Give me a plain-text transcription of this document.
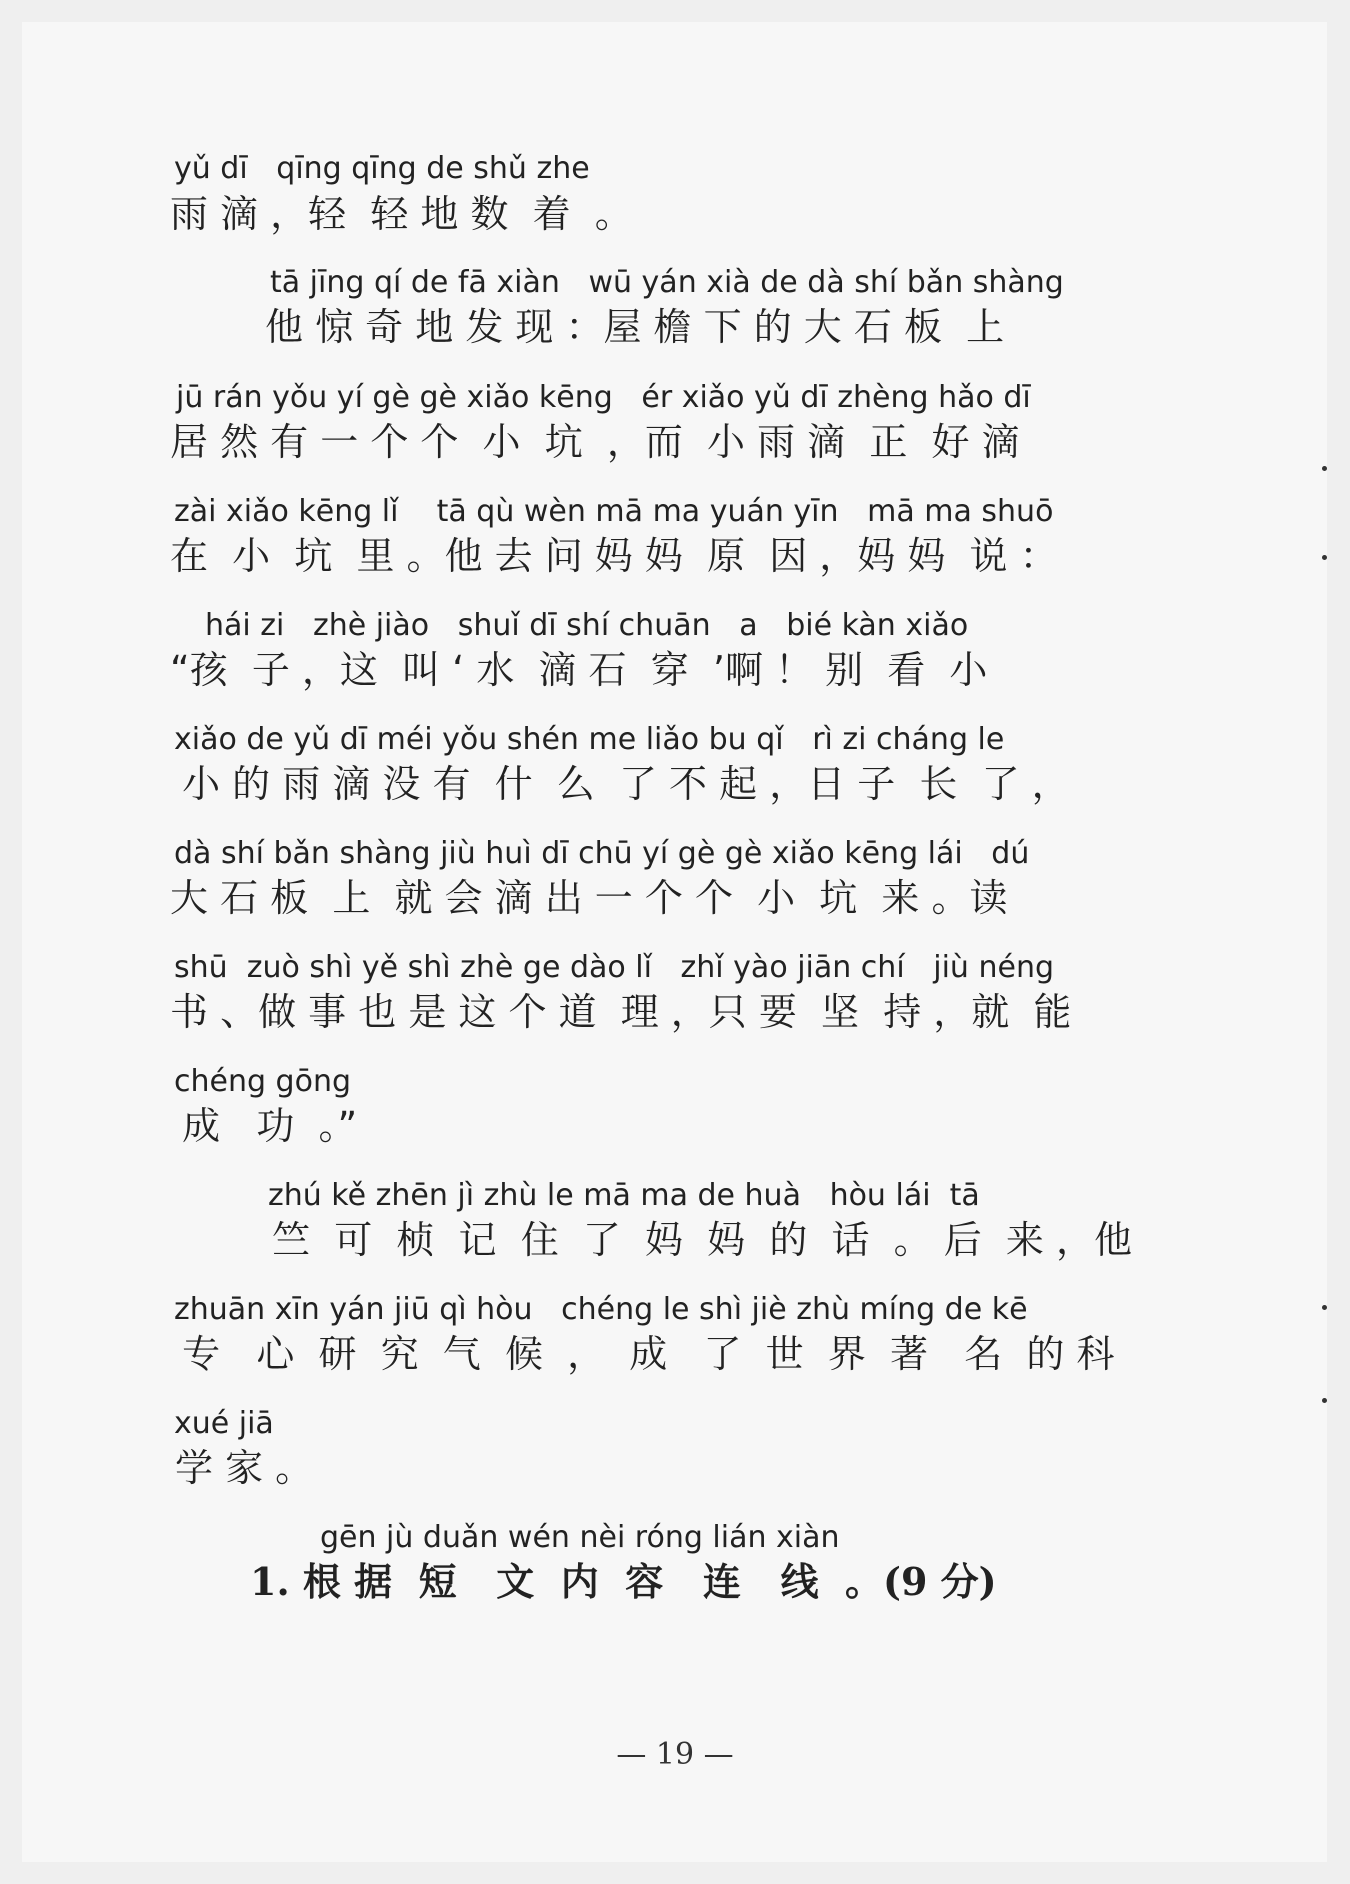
yǔ dī   qīng qīng de shǔ zhe
雨 滴 ，轻  轻 地 数  着  。
tā jīng qí de fā xiàn   wū yán xià de dà shí bǎn shàng
他 惊 奇 地 发 现 ：屋 檐 下 的 大 石 板  上
jū rán yǒu yí gè gè xiǎo kēng   ér xiǎo yǔ dī zhèng hǎo dī
居 然 有 一 个 个  小  坑  ，而  小 雨 滴  正  好 滴
zài xiǎo kēng lǐ    tā qù wèn mā ma yuán yīn   mā ma shuō
在  小  坑  里 。他 去 问 妈 妈  原  因 ，妈 妈  说 ：
hái zi   zhè jiào   shuǐ dī shí chuān   a   bié kàn xiǎo
“孩  子 ，这  叫 ‘ 水  滴 石  穿  ’啊 ！ 别  看  小
xiǎo de yǔ dī méi yǒu shén me liǎo bu qǐ   rì zi cháng le
小 的 雨 滴 没 有  什  么  了 不 起 ，日 子  长  了 ，
dà shí bǎn shàng jiù huì dī chū yí gè gè xiǎo kēng lái   dú
大 石 板  上  就 会 滴 出 一 个 个  小  坑  来 。读
shū  zuò shì yě shì zhè ge dào lǐ   zhǐ yào jiān chí   jiù néng
书 、做 事 也 是 这 个 道  理 ，只 要  坚  持 ，就  能
chéng gōng
成   功  。”
zhú kě zhēn jì zhù le mā ma de huà   hòu lái  tā
竺  可  桢  记  住  了  妈  妈  的  话  。 后  来 ，他
zhuān xīn yán jiū qì hòu   chéng le shì jiè zhù míng de kē
专   心  研  究  气  候  ，  成   了  世  界  著   名  的 科
xué jiā
学 家 。
gēn jù duǎn wén nèi róng lián xiàn
1. 根 据  短   文  内  容   连   线  。(9 分)
— 19 —
